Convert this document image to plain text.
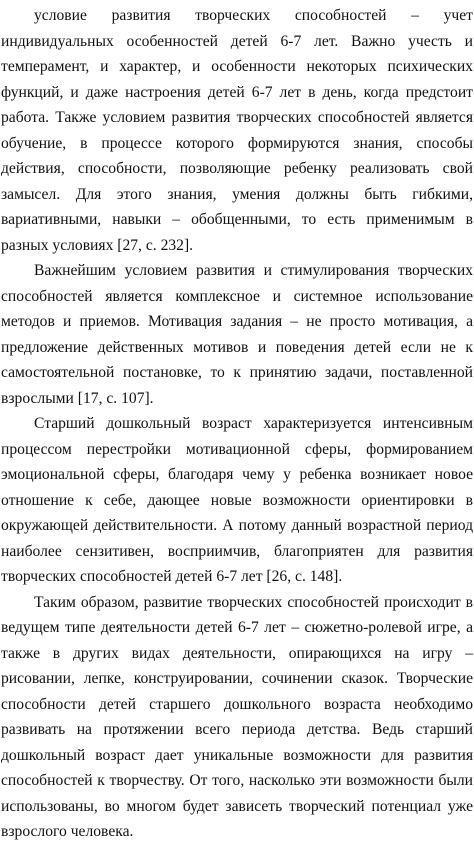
условие развития творческих способностей – учет индивидуальных особенностей детей 6-7 лет. Важно учесть и темперамент, и характер, и особенности некоторых психических функций, и даже настроения детей 6-7 лет в день, когда предстоит работа. Также условием развития творческих способностей является обучение, в процессе которого формируются знания, способы действия, способности, позволяющие ребенку реализовать свой замысел. Для этого знания, умения должны быть гибкими, вариативными, навыки – обобщенными, то есть применимым в разных условиях [27, с. 232].

Важнейшим условием развития и стимулирования творческих способностей является комплексное и системное использование методов и приемов. Мотивация задания – не просто мотивация, а предложение действенных мотивов и поведения детей если не к самостоятельной постановке, то к принятию задачи, поставленной взрослыми [17, с. 107].

Старший дошкольный возраст характеризуется интенсивным процессом перестройки мотивационной сферы, формированием эмоциональной сферы, благодаря чему у ребенка возникает новое отношение к себе, дающее новые возможности ориентировки в окружающей действительности. А потому данный возрастной период наиболее сензитивен, восприимчив, благоприятен для развития творческих способностей детей 6-7 лет [26, с. 148].

Таким образом, развитие творческих способностей происходит в ведущем типе деятельности детей 6-7 лет – сюжетно-ролевой игре, а также в других видах деятельности, опирающихся на игру – рисовании, лепке, конструировании, сочинении сказок. Творческие способности детей старшего дошкольного возраста необходимо развивать на протяжении всего периода детства. Ведь старший дошкольный возраст дает уникальные возможности для развития способностей к творчеству. От того, насколько эти возможности были использованы, во многом будет зависеть творческий потенциал уже взрослого человека.
